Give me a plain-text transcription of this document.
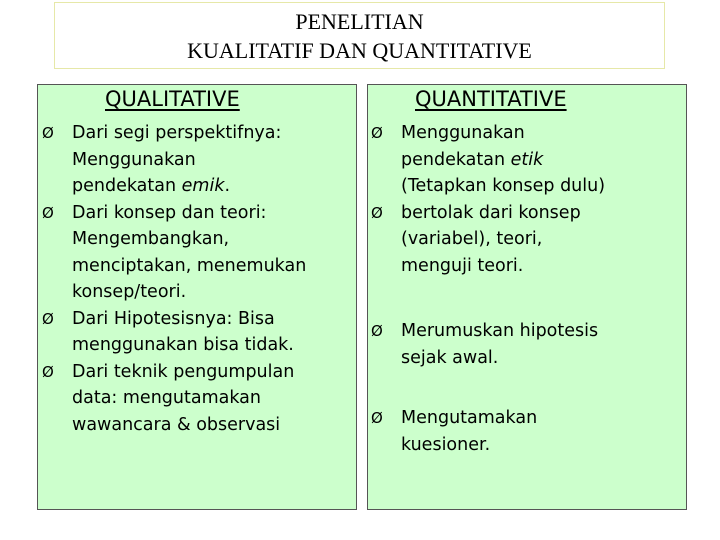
PENELITIAN
KUALITATIF DAN QUANTITATIVE
QUALITATIVE
Ø Dari segi perspektifnya:
Menggunakan
pendekatan emik.
Ø Dari konsep dan teori:
Mengembangkan,
menciptakan, menemukan
konsep/teori.
Ø Dari Hipotesisnya: Bisa
menggunakan bisa tidak.
Ø Dari teknik pengumpulan
data: mengutamakan
wawancara & observasi
QUANTITATIVE
Ø Menggunakan
pendekatan etik
(Tetapkan konsep dulu)
Ø bertolak dari konsep
(variabel), teori,
menguji teori.
Ø Merumuskan hipotesis
sejak awal.
Ø Mengutamakan
kuesioner.
